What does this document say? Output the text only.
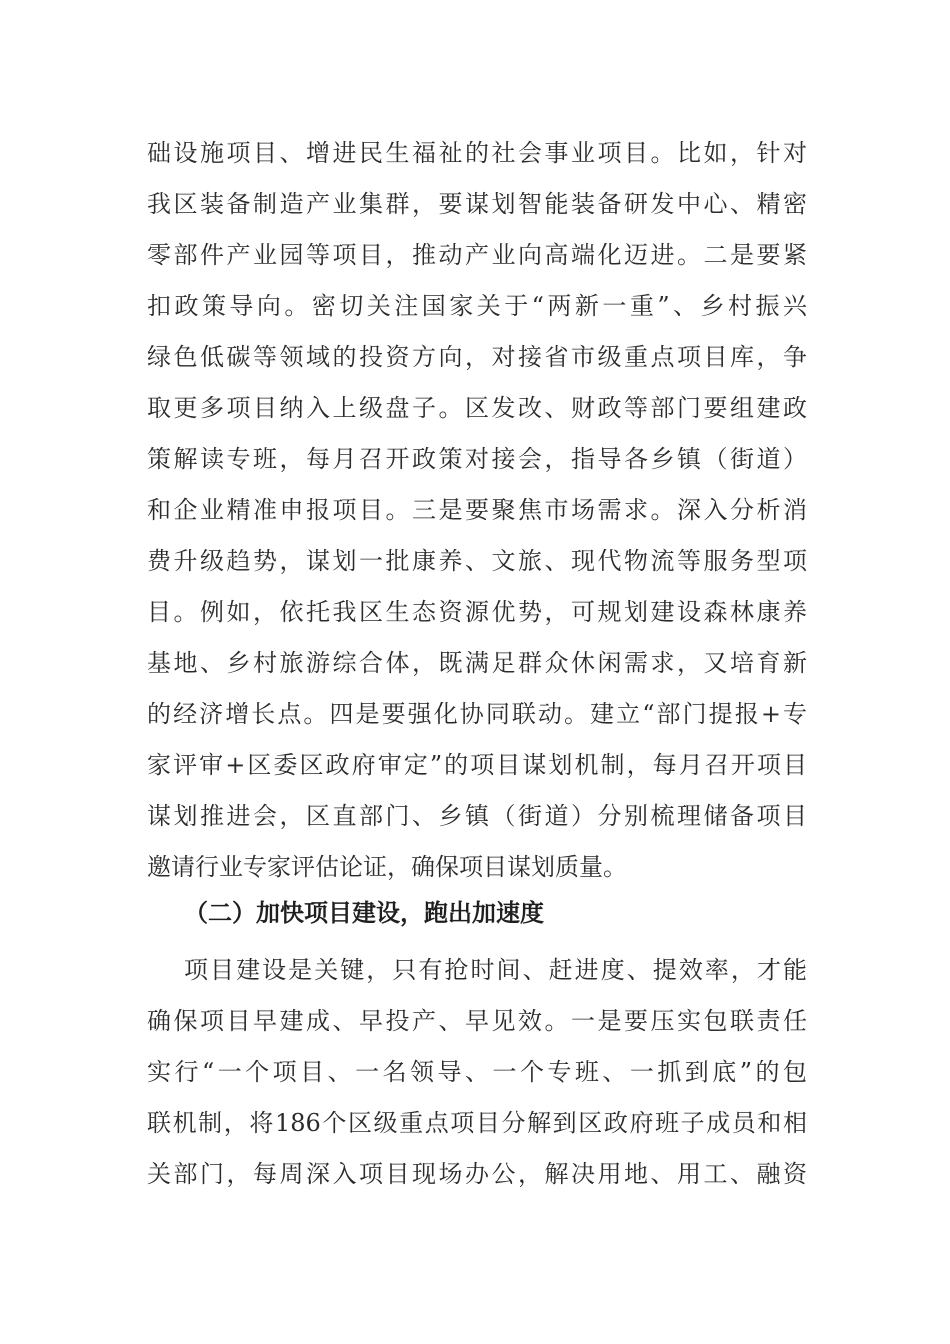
础设施项目、增进民生福祉的社会事业项目。比如，针对
我区装备制造产业集群，要谋划智能装备研发中心、精密
零部件产业园等项目，推动产业向高端化迈进。二是要紧
扣政策导向。密切关注国家关于“两新一重”、乡村振兴
绿色低碳等领域的投资方向，对接省市级重点项目库，争
取更多项目纳入上级盘子。区发改、财政等部门要组建政
策解读专班，每月召开政策对接会，指导各乡镇（街道）
和企业精准申报项目。三是要聚焦市场需求。深入分析消
费升级趋势，谋划一批康养、文旅、现代物流等服务型项
目。例如，依托我区生态资源优势，可规划建设森林康养
基地、乡村旅游综合体，既满足群众休闲需求，又培育新
的经济增长点。四是要强化协同联动。建立“部门提报+专
家评审+区委区政府审定”的项目谋划机制，每月召开项目
谋划推进会，区直部门、乡镇（街道）分别梳理储备项目
邀请行业专家评估论证，确保项目谋划质量。
（二）加快项目建设，跑出加速度
项目建设是关键，只有抢时间、赶进度、提效率，才能
确保项目早建成、早投产、早见效。一是要压实包联责任
实行“一个项目、一名领导、一个专班、一抓到底”的包
联机制，将186个区级重点项目分解到区政府班子成员和相
关部门，每周深入项目现场办公，解决用地、用工、融资
